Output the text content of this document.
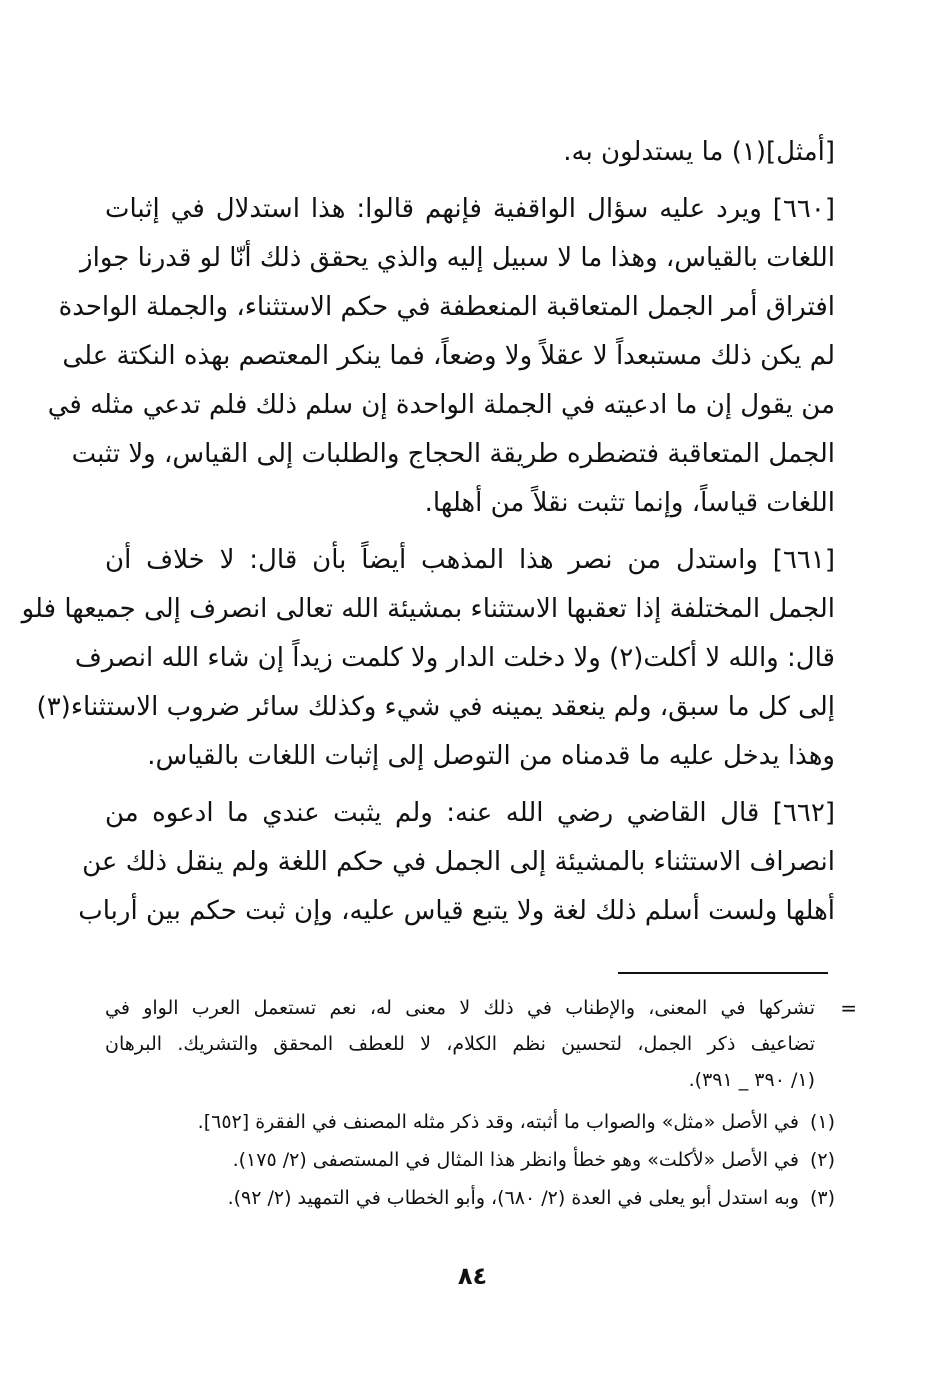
[أمثل](١) ما يستدلون به.
[٦٦٠] ويرد عليه سؤال الواقفية فإنهم قالوا: هذا استدلال في إثبات
اللغات بالقياس، وهذا ما لا سبيل إليه والذي يحقق ذلك أنّا لو قدرنا جواز
افتراق أمر الجمل المتعاقبة المنعطفة في حكم الاستثناء، والجملة الواحدة
لم يكن ذلك مستبعداً لا عقلاً ولا وضعاً، فما ينكر المعتصم بهذه النكتة على
من يقول إن ما ادعيته في الجملة الواحدة إن سلم ذلك فلم تدعي مثله في
الجمل المتعاقبة فتضطره طريقة الحجاج والطلبات إلى القياس، ولا تثبت
اللغات قياساً، وإنما تثبت نقلاً من أهلها.
[٦٦١] واستدل من نصر هذا المذهب أيضاً بأن قال: لا خلاف أن
الجمل المختلفة إذا تعقبها الاستثناء بمشيئة الله تعالى انصرف إلى جميعها فلو
قال: والله لا أكلت(٢) ولا دخلت الدار ولا كلمت زيداً إن شاء الله انصرف
إلى كل ما سبق، ولم ينعقد يمينه في شيء وكذلك سائر ضروب الاستثناء(٣)
وهذا يدخل عليه ما قدمناه من التوصل إلى إثبات اللغات بالقياس.
[٦٦٢] قال القاضي رضي الله عنه: ولم يثبت عندي ما ادعوه من
انصراف الاستثناء بالمشيئة إلى الجمل في حكم اللغة ولم ينقل ذلك عن
أهلها ولست أسلم ذلك لغة ولا يتبع قياس عليه، وإن ثبت حكم بين أرباب
=
تشركها في المعنى، والإطناب في ذلك لا معنى له، نعم تستعمل العرب الواو في
تضاعيف ذكر الجمل، لتحسين نظم الكلام، لا للعطف المحقق والتشريك. البرهان
(١/ ٣٩٠ _ ٣٩١).
(١) في الأصل «مثل» والصواب ما أثبته، وقد ذكر مثله المصنف في الفقرة [٦٥٢].
(٢) في الأصل «لأكلت» وهو خطأ وانظر هذا المثال في المستصفى (٢/ ١٧٥).
(٣) وبه استدل أبو يعلى في العدة (٢/ ٦٨٠)، وأبو الخطاب في التمهيد (٢/ ٩٢).
٨٤
